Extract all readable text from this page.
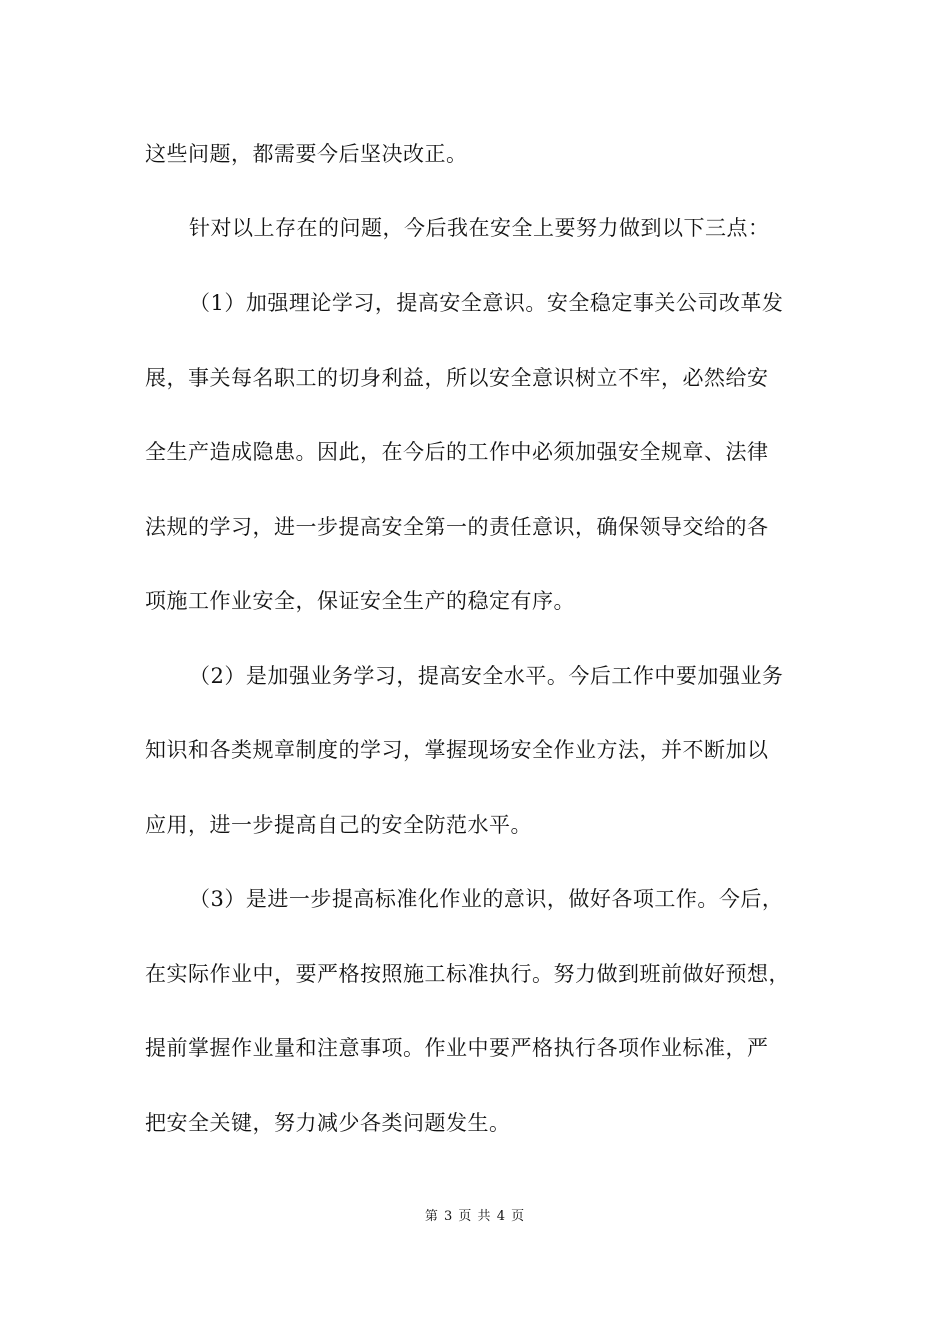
这些问题，都需要今后坚决改正。
针对以上存在的问题，今后我在安全上要努力做到以下三点：
（1）加强理论学习，提高安全意识。安全稳定事关公司改革发
展，事关每名职工的切身利益，所以安全意识树立不牢，必然给安
全生产造成隐患。因此，在今后的工作中必须加强安全规章、法律
法规的学习，进一步提高安全第一的责任意识，确保领导交给的各
项施工作业安全，保证安全生产的稳定有序。
（2）是加强业务学习，提高安全水平。今后工作中要加强业务
知识和各类规章制度的学习，掌握现场安全作业方法，并不断加以
应用，进一步提高自己的安全防范水平。
（3）是进一步提高标准化作业的意识，做好各项工作。今后，
在实际作业中，要严格按照施工标准执行。努力做到班前做好预想，
提前掌握作业量和注意事项。作业中要严格执行各项作业标准，严
把安全关键，努力减少各类问题发生。
第 3 页 共 4 页
